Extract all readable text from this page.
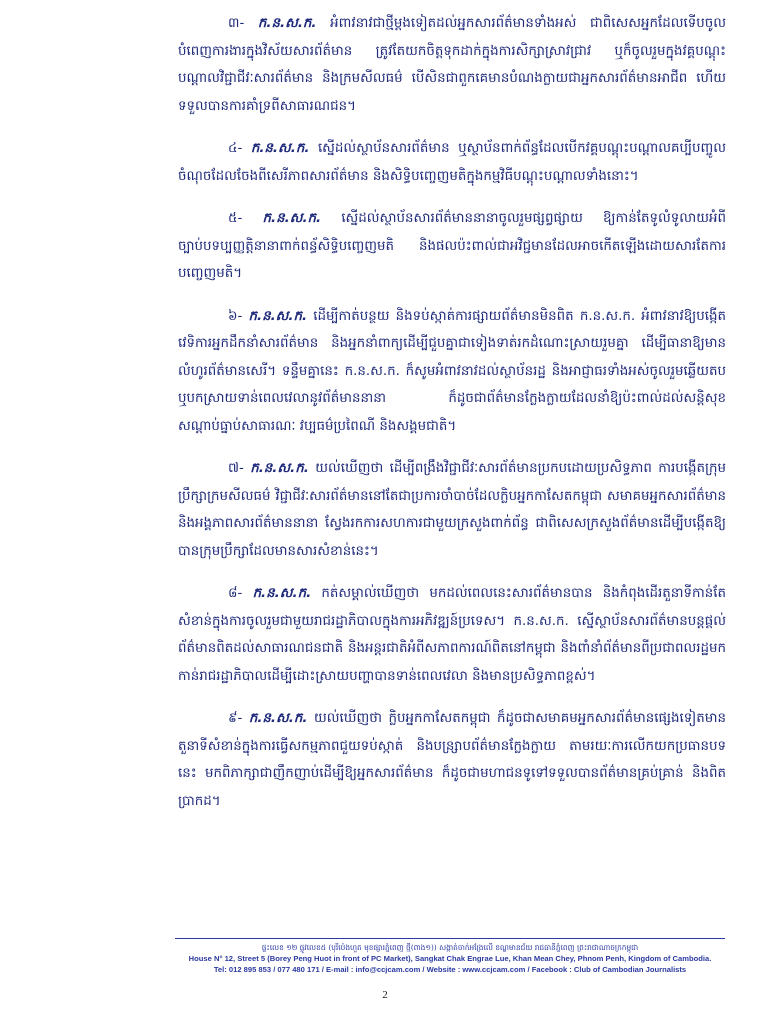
៣- ក.ន.ស.ក. អំពាវនាវជាថ្មីម្ដងទៀតដល់អ្នកសារព័ត៌មានទាំងអស់ ជាពិសេសអ្នកដែលទើបចូលបំពេញការងារក្នុងវិស័យសារព័ត៌មាន ត្រូវតែយកចិត្តទុកដាក់ក្នុងការសិក្សាស្រាវជ្រាវ ឬក៏ចូលរួមក្នុងវគ្គបណ្តុះបណ្តាលវិជ្ជាជីវៈសារព័ត៌មាន និងក្រមសីលធម៌ បើសិនជាពួកគេមានបំណងក្លាយជាអ្នកសារព័ត៌មានអាជីព ហើយទទួលបានការគាំទ្រពីសាធារណជន។

៤- ក.ន.ស.ក. ស្នើដល់ស្ថាប័នសារព័ត៌មាន ឬស្ថាប័នពាក់ព័ន្ធដែលបើកវគ្គបណ្តុះបណ្តាលគប្បីបញ្ចូលចំណុចដែលចែងពីសេរីភាពសារព័ត៌មាន និងសិទ្ធិបញ្ចេញមតិក្នុងកម្មវិធីបណ្តុះបណ្តាលទាំងនោះ។

៥- ក.ន.ស.ក. ស្នើដល់ស្ថាប័នសារព័ត៌មាននានាចូលរួមផ្សព្វផ្សាយ ឱ្យកាន់តែទូលំទូលាយអំពីច្បាប់បទប្បញ្ញត្តិនានាពាក់ពន្ធ័សិទ្ធិបញ្ចេញមតិ និងផលប៉ះពាល់ជាអវិជ្ជមានដែលអាចកើតឡើងដោយសារតែការបញ្ចេញមតិ។

៦- ក.ន.ស.ក. ដើម្បីកាត់បន្ថយ និងទប់ស្កាត់ការផ្សាយព័ត៌មានមិនពិត ក.ន.ស.ក. អំពាវនាវឱ្យបង្កើតវេទិការអ្នកដឹកនាំសារព័ត៌មាន និងអ្នកនាំពាក្យដើម្បីជួបគ្នាជាទៀងទាត់រកដំណោះស្រាយរួមគ្នា ដើម្បីធានាឱ្យមានលំហូរព័ត៌មានសេរី។ ទន្ទឹមគ្នានេះ ក.ន.ស.ក. ក៏សូមអំពាវនាវដល់ស្ថាប័នរដ្ឋ និងអាជ្ញាធរទាំងអស់ចូលរួមឆ្លើយតប ឬបកស្រាយទាន់ពេលវេលានូវព័ត៌មាននានា ក៏ដូចជាព័ត៌មានក្លែងក្លាយដែលនាំឱ្យប៉ះពាល់ដល់សន្តិសុខ សណ្តាប់ធ្នាប់សាធារណៈ វប្បធម៌ប្រពៃណី និងសង្គមជាតិ។

៧- ក.ន.ស.ក. យល់ឃើញថា ដើម្បីពង្រឹងវិជ្ជាជីវៈសារព័ត៌មានប្រកបដោយប្រសិទ្ធភាព ការបង្កើតក្រុមប្រឹក្សាក្រមសីលធម៌ វិជ្ជាជីវៈសារព័ត៌មាននៅតែជាប្រការចាំបាច់ដែលក្លិបអ្នកកាសែតកម្ពុជា សមាគមអ្នកសារព័ត៌មាន និងអង្គភាពសារព័ត៌មាននានា ស្វែងរកការសហការជាមួយក្រសួងពាក់ព័ន្ធ ជាពិសេសក្រសួងព័ត៌មានដើម្បីបង្កើតឱ្យបានក្រុមប្រឹក្សាដែលមានសារសំខាន់នេះ។

៨- ក.ន.ស.ក. កត់សម្គាល់ឃើញថា មកដល់ពេលនេះសារព័ត៌មានបាន និងកំពុងដើរតួនាទីកាន់តែសំខាន់ក្នុងការចូលរួមជាមួយរាជរដ្ឋាភិបាលក្នុងការអភិវឌ្ឍន៍ប្រទេស។ ក.ន.ស.ក. ស្នើស្ថាប័នសារព័ត៌មានបន្តផ្តល់ព័ត៌មានពិតដល់សាធារណជនជាតិ និងអន្តរជាតិអំពីសភាពការណ៍ពិតនៅកម្ពុជា និងពាំនាំព័ត៌មានពីប្រជាពលរដ្ឋមកកាន់រាជរដ្ឋាភិបាលដើម្បីដោះស្រាយបញ្ហាបានទាន់ពេលវេលា និងមានប្រសិទ្ធភាពខ្ពស់។

៩- ក.ន.ស.ក. យល់ឃើញថា ក្លិបអ្នកកាសែតកម្ពុជា ក៏ដូចជាសមាគមអ្នកសារព័ត៌មានផ្សេងទៀតមានតួនាទីសំខាន់ក្នុងការធ្វើសកម្មភាពជួយទប់ស្កាត់ និងបន្ស្រាបព័ត៌មានក្លែងក្លាយ តាមរយៈការលើកយកប្រធានបទនេះ មកពិភាក្សាជាញឹកញាប់ដើម្បីឱ្យអ្នកសារព័ត៌មាន ក៏ដូចជាមហាជនទូទៅទទួលបានព័ត៌មានគ្រប់គ្រាន់ និងពិតប្រាកដ។

ផ្ទះលេខ ១២ ផ្លូវលេខ៥ (បុរីប៉េងហួត មុខផ្សារភ្នំពេញ ថ្មី(ពាង១)) សង្កាត់ចាក់អង្រែលើ ខណ្ឌមានជ័យ រាជធានីភ្នំពេញ ព្រះរាជាណាចក្រកម្ពុជា
House N° 12, Street 5 (Borey Peng Huot in front of PC Market), Sangkat Chak Engrae Lue, Khan Mean Chey, Phnom Penh, Kingdom of Cambodia.
Tel: 012 895 853 / 077 480 171 / E-mail : info@ccjcam.com / Website : www.ccjcam.com / Facebook : Club of Cambodian Journalists
2
